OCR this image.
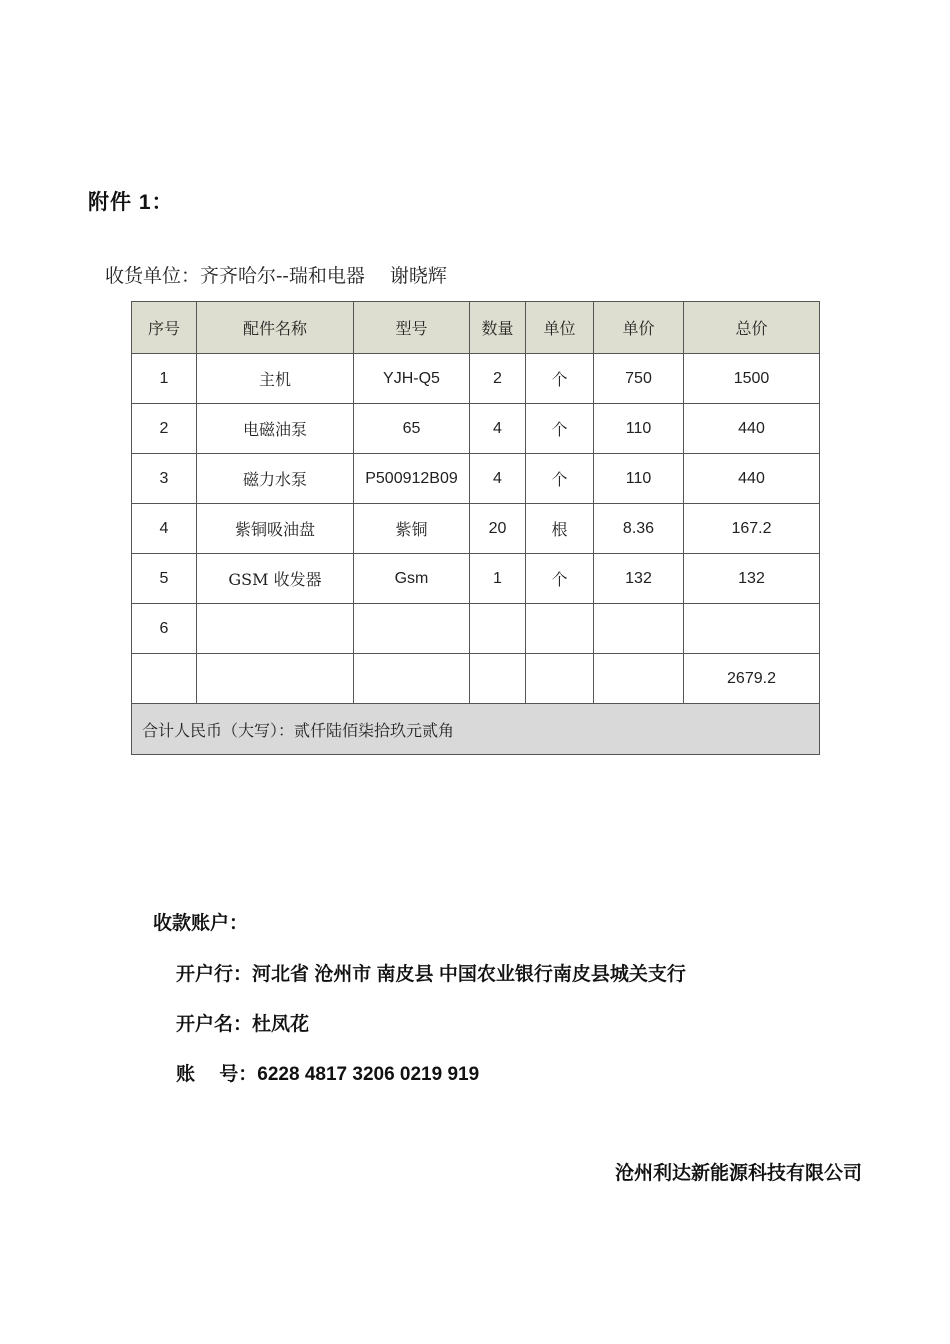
附件 1：
收货单位：齐齐哈尔--瑞和电器　 谢晓辉
序号	配件名称	型号	数量	单位	单价	总价
1	主机	YJH-Q5	2	个	750	1500
2	电磁油泵	65	4	个	110	440
3	磁力水泵	P500912B09	4	个	110	440
4	紫铜吸油盘	紫铜	20	根	8.36	167.2
5	GSM 收发器	Gsm	1	个	132	132
6						
						2679.2
合计人民币（大写）：贰仟陆佰柒拾玖元贰角						
收款账户：
开户行：河北省 沧州市 南皮县 中国农业银行南皮县城关支行
开户名：杜凤花
账　 号：6228 4817 3206 0219 919
沧州利达新能源科技有限公司
